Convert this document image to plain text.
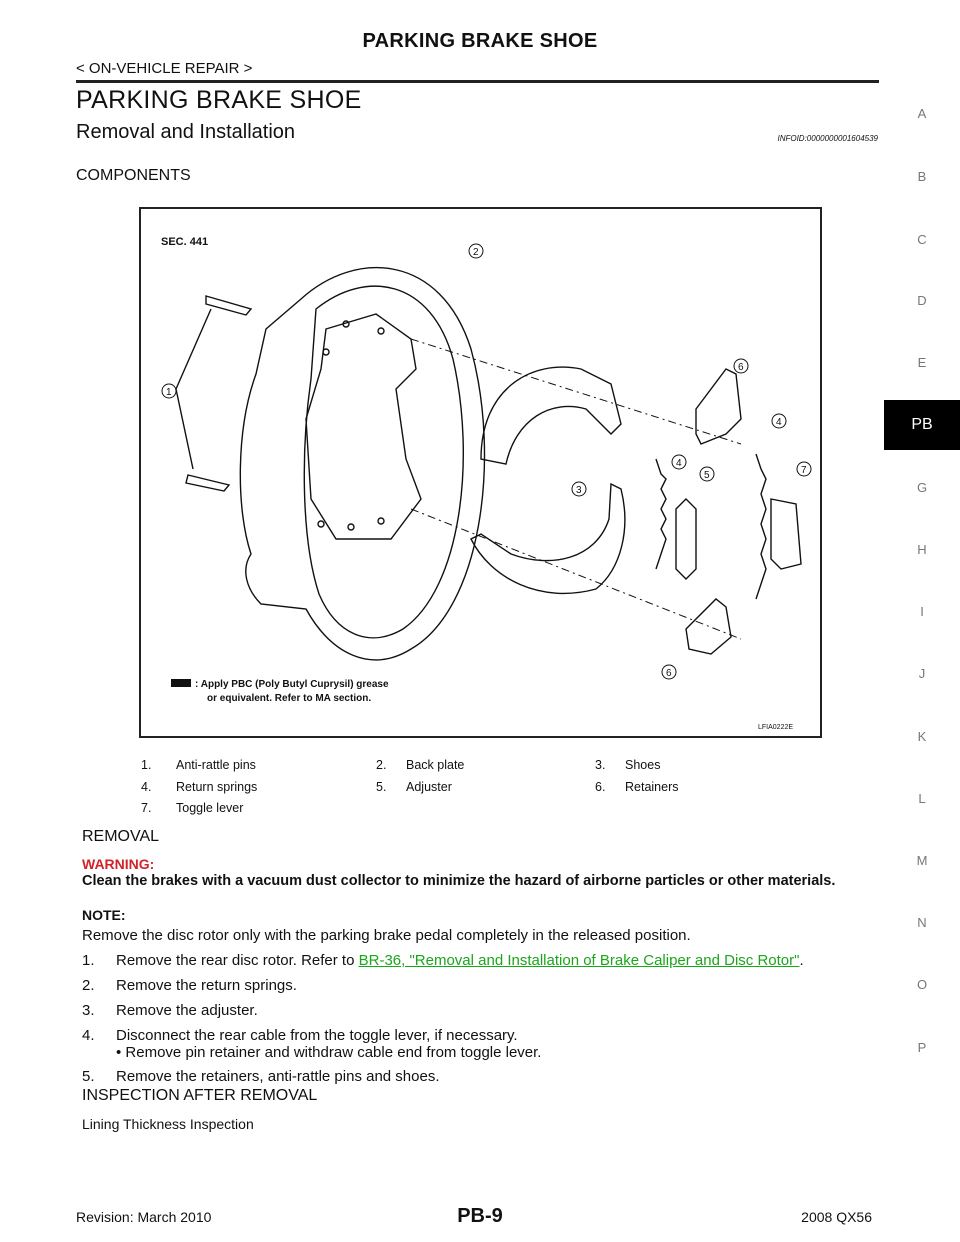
PARKING BRAKE SHOE
< ON-VEHICLE REPAIR >
PARKING BRAKE SHOE
Removal and Installation	INFOID:0000000001604539
COMPONENTS
SEC. 441
1
2
3
4
4
5
6
6
7
: Apply PBC (Poly Butyl Cuprysil) grease
or equivalent. Refer to MA section.
LFIA0222E
1. Anti-rattle pins	2. Back plate	3. Shoes
4. Return springs	5. Adjuster	6. Retainers
7. Toggle lever
REMOVAL
WARNING:
Clean the brakes with a vacuum dust collector to minimize the hazard of airborne particles or other materials.
NOTE:
Remove the disc rotor only with the parking brake pedal completely in the released position.
1. Remove the rear disc rotor. Refer to BR-36, "Removal and Installation of Brake Caliper and Disc Rotor".
2. Remove the return springs.
3. Remove the adjuster.
4. Disconnect the rear cable from the toggle lever, if necessary.
• Remove pin retainer and withdraw cable end from toggle lever.
5. Remove the retainers, anti-rattle pins and shoes.
INSPECTION AFTER REMOVAL
Lining Thickness Inspection
Revision: March 2010	PB-9	2008 QX56
A
B
C
D
E
PB
G
H
I
J
K
L
M
N
O
P
